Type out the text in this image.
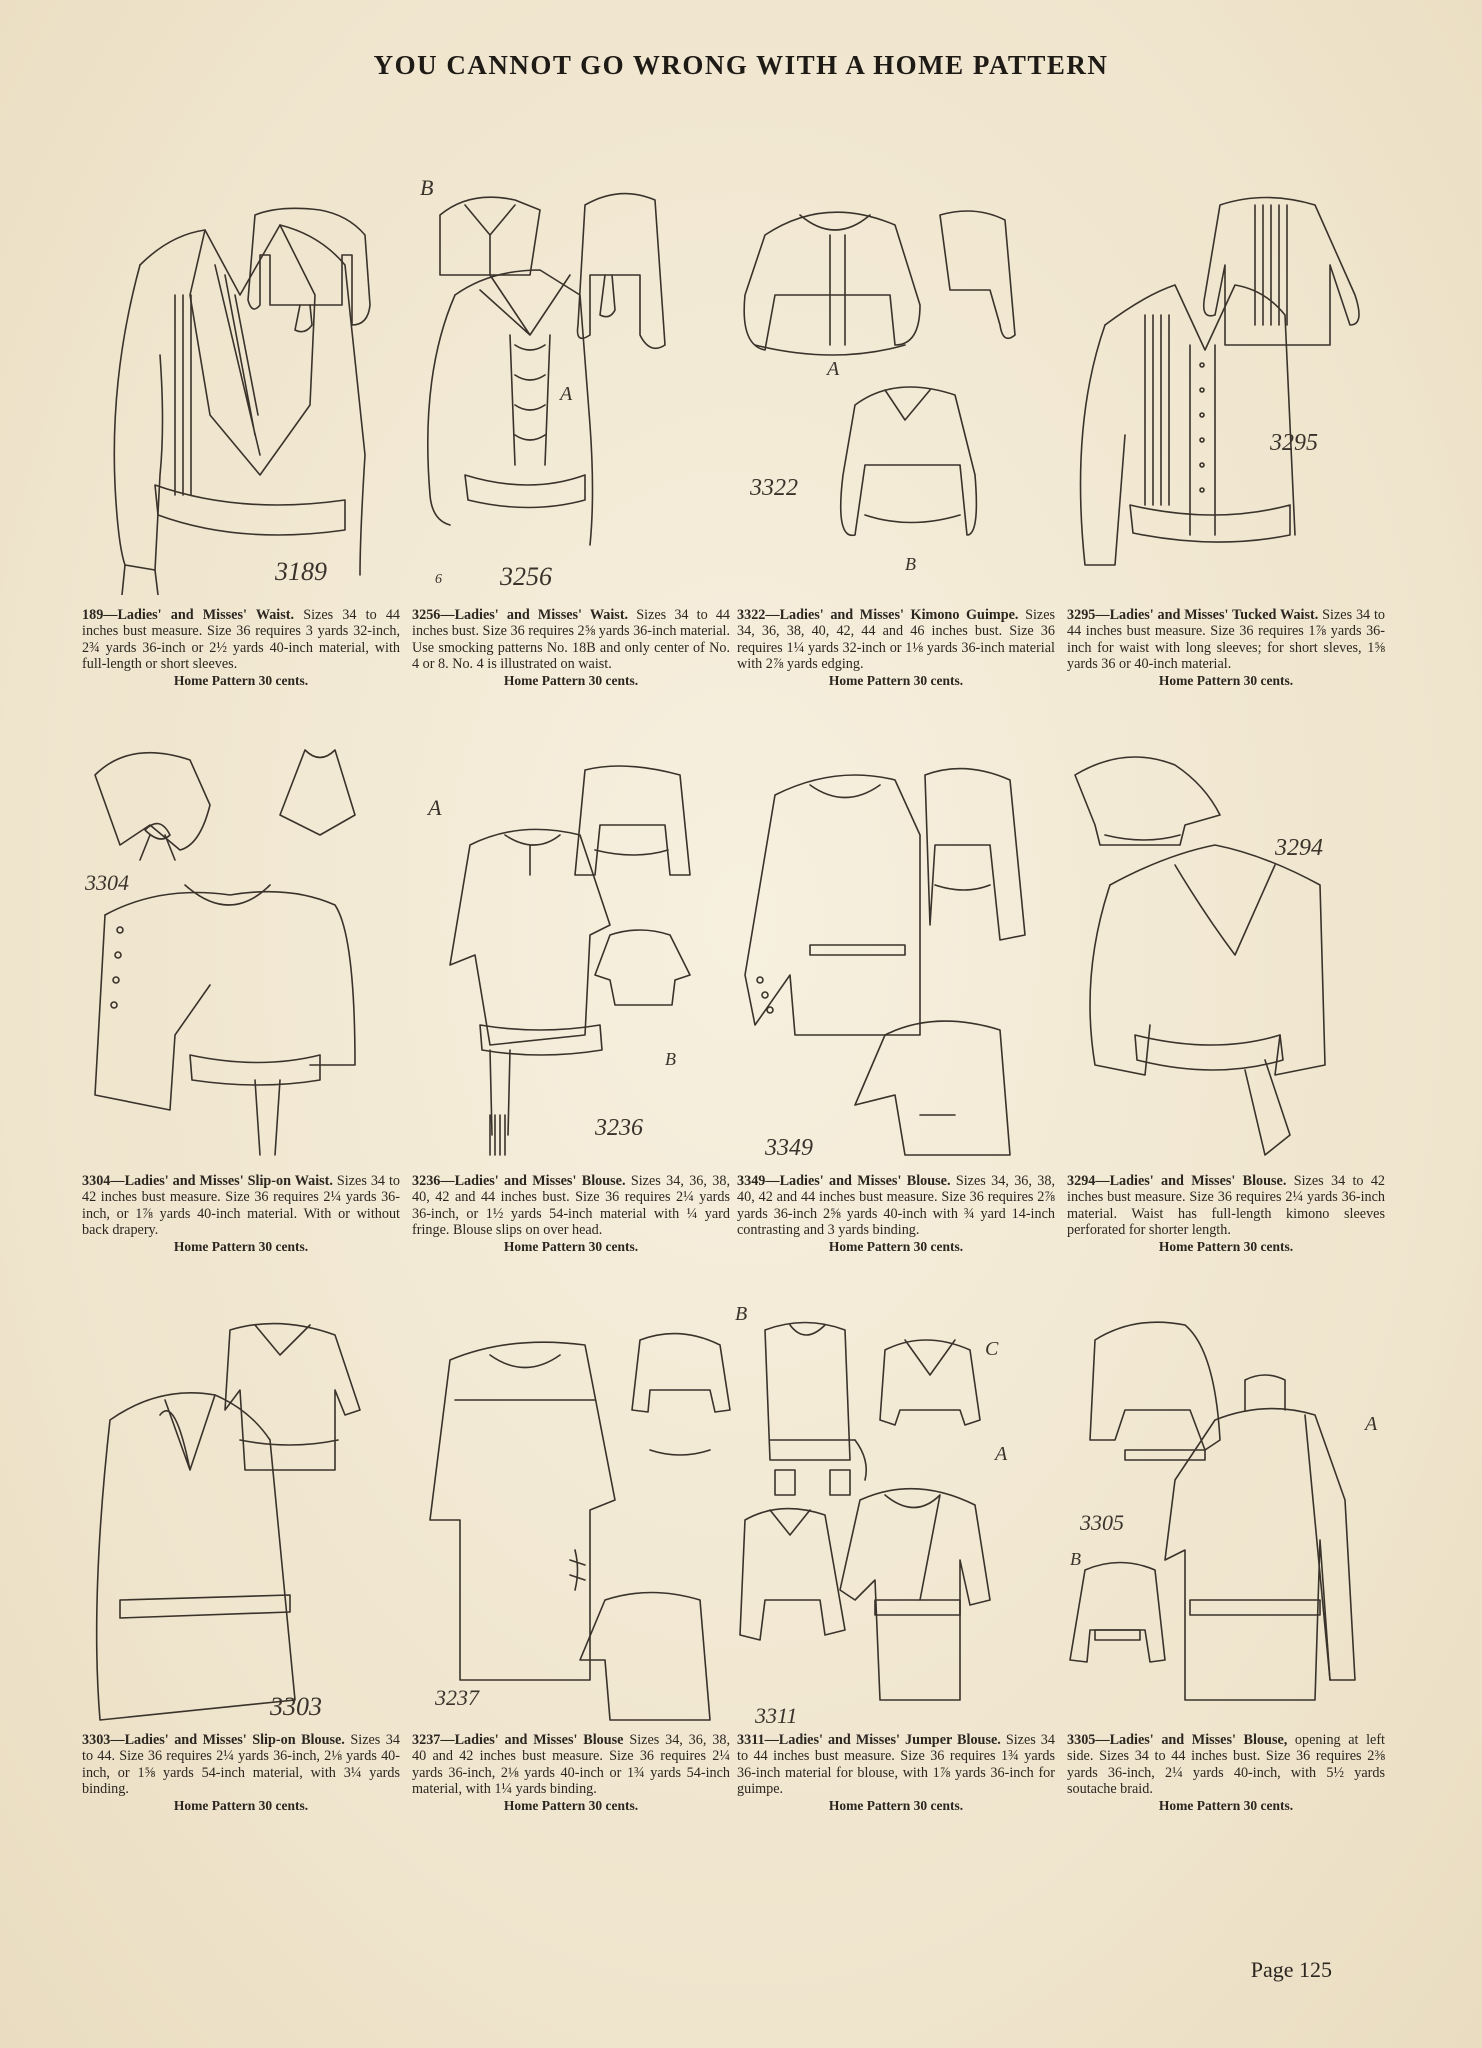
YOU CANNOT GO WRONG WITH A HOME PATTERN
3189
189—Ladies' and Misses' Waist. Sizes 34 to 44 inches bust measure. Size 36 requires 3 yards 32-inch, 2¾ yards 36-inch or 2½ yards 40-inch material, with full-length or short sleeves.
Home Pattern 30 cents.
B
A
6 3256
3256—Ladies' and Misses' Waist. Sizes 34 to 44 inches bust. Size 36 requires 2⅝ yards 36-inch material. Use smocking patterns No. 18B and only center of No. 4 or 8. No. 4 is illustrated on waist.
Home Pattern 30 cents.
A
3322
B
3322—Ladies' and Misses' Kimono Guimpe. Sizes 34, 36, 38, 40, 42, 44 and 46 inches bust. Size 36 requires 1¼ yards 32-inch or 1⅛ yards 36-inch material with 2⅞ yards edging.
Home Pattern 30 cents.
3295
3295—Ladies' and Misses' Tucked Waist. Sizes 34 to 44 inches bust measure. Size 36 requires 1⅞ yards 36-inch for waist with long sleeves; for short sleves, 1⅝ yards 36 or 40-inch material.
Home Pattern 30 cents.
3304
3304—Ladies' and Misses' Slip-on Waist. Sizes 34 to 42 inches bust measure. Size 36 requires 2¼ yards 36-inch, or 1⅞ yards 40-inch material. With or without back drapery.
Home Pattern 30 cents.
A
B
3236
3236—Ladies' and Misses' Blouse. Sizes 34, 36, 38, 40, 42 and 44 inches bust. Size 36 requires 2¼ yards 36-inch, or 1½ yards 54-inch material with ¼ yard fringe. Blouse slips on over head.
Home Pattern 30 cents.
3349
3349—Ladies' and Misses' Blouse. Sizes 34, 36, 38, 40, 42 and 44 inches bust measure. Size 36 requires 2⅞ yards 36-inch 2⅝ yards 40-inch with ¾ yard 14-inch contrasting and 3 yards binding.
Home Pattern 30 cents.
3294
3294—Ladies' and Misses' Blouse. Sizes 34 to 42 inches bust measure. Size 36 requires 2¼ yards 36-inch material. Waist has full-length kimono sleeves perforated for shorter length.
Home Pattern 30 cents.
3303
3303—Ladies' and Misses' Slip-on Blouse. Sizes 34 to 44. Size 36 requires 2¼ yards 36-inch, 2⅛ yards 40-inch, or 1⅝ yards 54-inch material, with 3¼ yards binding.
Home Pattern 30 cents.
3237
3237—Ladies' and Misses' Blouse Sizes 34, 36, 38, 40 and 42 inches bust measure. Size 36 requires 2¼ yards 36-inch, 2⅛ yards 40-inch or 1¾ yards 54-inch material, with 1¼ yards binding.
Home Pattern 30 cents.
B
C
A
3311
3311—Ladies' and Misses' Jumper Blouse. Sizes 34 to 44 inches bust measure. Size 36 requires 1¾ yards 36-inch material for blouse, with 1⅞ yards 36-inch for guimpe.
Home Pattern 30 cents.
3305
A
B
3305—Ladies' and Misses' Blouse, opening at left side. Sizes 34 to 44 inches bust. Size 36 requires 2⅜ yards 36-inch, 2¼ yards 40-inch, with 5½ yards soutache braid.
Home Pattern 30 cents.
Page 125
